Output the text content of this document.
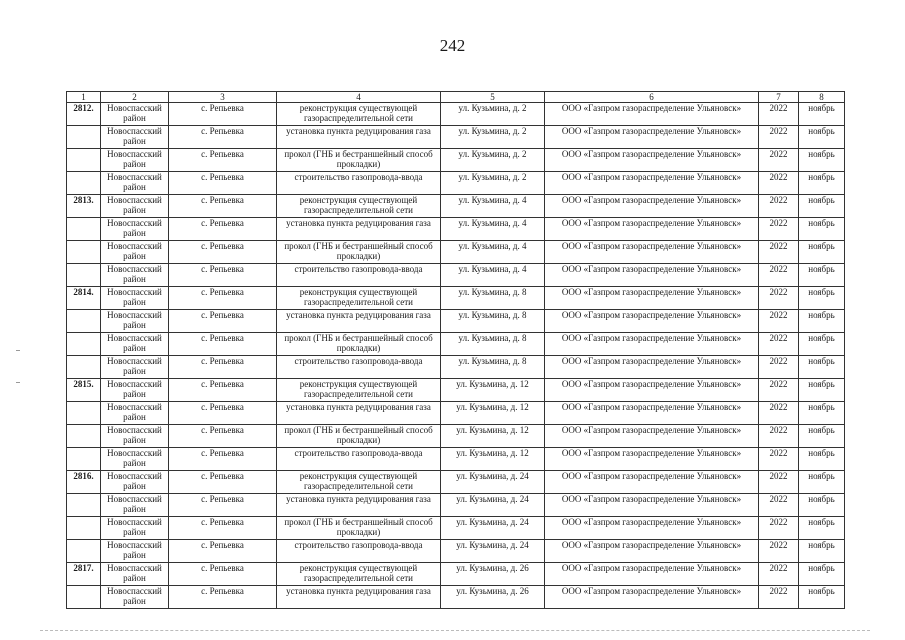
242
1	2	3	4	5	6	7	8
2812.	Новоспасский район	с. Репьевка	реконструкция существующей газораспределительной сети	ул. Кузьмина, д. 2	ООО «Газпром газораспределение Ульяновск»	2022	ноябрь
	Новоспасский район	с. Репьевка	установка пункта редуцирования газа	ул. Кузьмина, д. 2	ООО «Газпром газораспределение Ульяновск»	2022	ноябрь
	Новоспасский район	с. Репьевка	прокол (ГНБ и бестраншейный способ прокладки)	ул. Кузьмина, д. 2	ООО «Газпром газораспределение Ульяновск»	2022	ноябрь
	Новоспасский район	с. Репьевка	строительство газопровода-ввода	ул. Кузьмина, д. 2	ООО «Газпром газораспределение Ульяновск»	2022	ноябрь
2813.	Новоспасский район	с. Репьевка	реконструкция существующей газораспределительной сети	ул. Кузьмина, д. 4	ООО «Газпром газораспределение Ульяновск»	2022	ноябрь
	Новоспасский район	с. Репьевка	установка пункта редуцирования газа	ул. Кузьмина, д. 4	ООО «Газпром газораспределение Ульяновск»	2022	ноябрь
	Новоспасский район	с. Репьевка	прокол (ГНБ и бестраншейный способ прокладки)	ул. Кузьмина, д. 4	ООО «Газпром газораспределение Ульяновск»	2022	ноябрь
	Новоспасский район	с. Репьевка	строительство газопровода-ввода	ул. Кузьмина, д. 4	ООО «Газпром газораспределение Ульяновск»	2022	ноябрь
2814.	Новоспасский район	с. Репьевка	реконструкция существующей газораспределительной сети	ул. Кузьмина, д. 8	ООО «Газпром газораспределение Ульяновск»	2022	ноябрь
	Новоспасский район	с. Репьевка	установка пункта редуцирования газа	ул. Кузьмина, д. 8	ООО «Газпром газораспределение Ульяновск»	2022	ноябрь
	Новоспасский район	с. Репьевка	прокол (ГНБ и бестраншейный способ прокладки)	ул. Кузьмина, д. 8	ООО «Газпром газораспределение Ульяновск»	2022	ноябрь
	Новоспасский район	с. Репьевка	строительство газопровода-ввода	ул. Кузьмина, д. 8	ООО «Газпром газораспределение Ульяновск»	2022	ноябрь
2815.	Новоспасский район	с. Репьевка	реконструкция существующей газораспределительной сети	ул. Кузьмина, д. 12	ООО «Газпром газораспределение Ульяновск»	2022	ноябрь
	Новоспасский район	с. Репьевка	установка пункта редуцирования газа	ул. Кузьмина, д. 12	ООО «Газпром газораспределение Ульяновск»	2022	ноябрь
	Новоспасский район	с. Репьевка	прокол (ГНБ и бестраншейный способ прокладки)	ул. Кузьмина, д. 12	ООО «Газпром газораспределение Ульяновск»	2022	ноябрь
	Новоспасский район	с. Репьевка	строительство газопровода-ввода	ул. Кузьмина, д. 12	ООО «Газпром газораспределение Ульяновск»	2022	ноябрь
2816.	Новоспасский район	с. Репьевка	реконструкция существующей газораспределительной сети	ул. Кузьмина, д. 24	ООО «Газпром газораспределение Ульяновск»	2022	ноябрь
	Новоспасский район	с. Репьевка	установка пункта редуцирования газа	ул. Кузьмина, д. 24	ООО «Газпром газораспределение Ульяновск»	2022	ноябрь
	Новоспасский район	с. Репьевка	прокол (ГНБ и бестраншейный способ прокладки)	ул. Кузьмина, д. 24	ООО «Газпром газораспределение Ульяновск»	2022	ноябрь
	Новоспасский район	с. Репьевка	строительство газопровода-ввода	ул. Кузьмина, д. 24	ООО «Газпром газораспределение Ульяновск»	2022	ноябрь
2817.	Новоспасский район	с. Репьевка	реконструкция существующей газораспределительной сети	ул. Кузьмина, д. 26	ООО «Газпром газораспределение Ульяновск»	2022	ноябрь
	Новоспасский район	с. Репьевка	установка пункта редуцирования газа	ул. Кузьмина, д. 26	ООО «Газпром газораспределение Ульяновск»	2022	ноябрь
